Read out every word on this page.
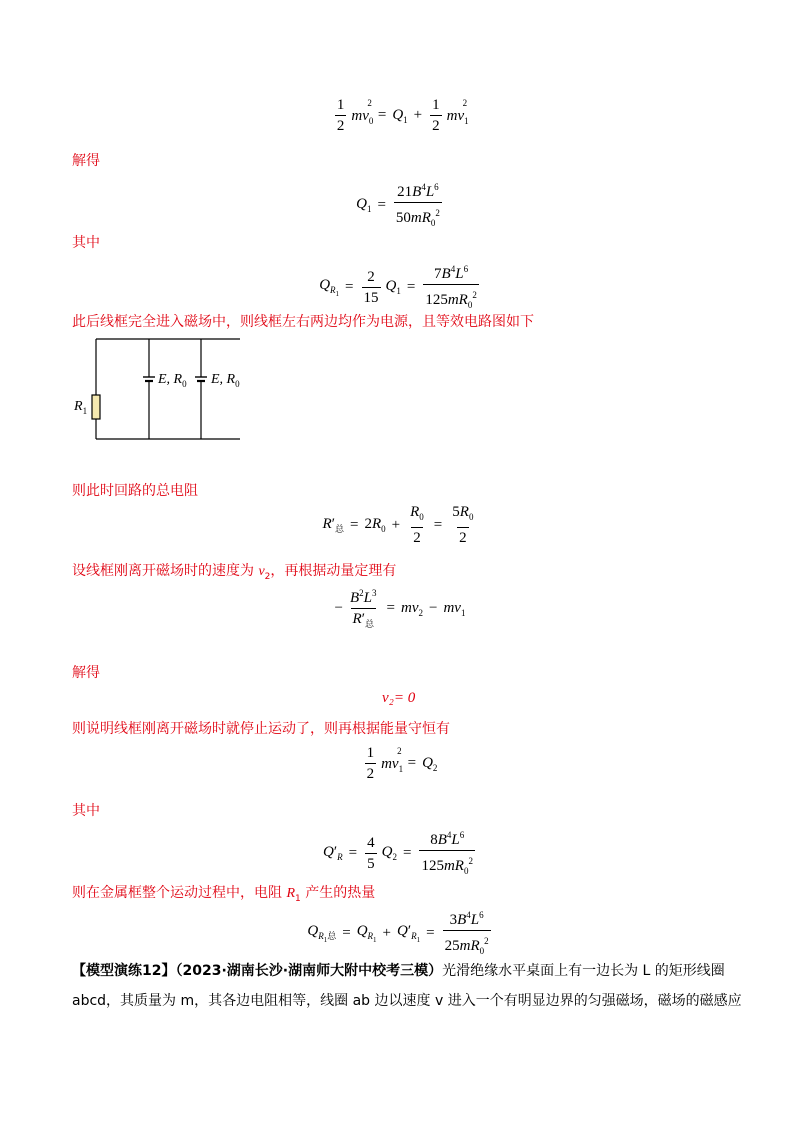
$\frac{1}{2} mv_0^2$
= $Q_1 + \frac{1}{2} mv_1^2$
解得
$Q_1 = \frac{21B^4L^6}{50mR_0^2}$
其中
$Q_{R_1} = \frac{2}{15} Q_1 = \frac{7B^4L^6}{125mR_0^2}$
此后线框完全进入磁场中，则线框左右两边均作为电源，且等效电路图如下
$R_1$
E, $R_0$ E, $R_0$
则此时回路的总电阻
$R'_总 = 2R_0 + \frac{R_0}{2} = \frac{5R_0}{2}$
设线框刚离开磁场时的速度为 $v_2$，再根据动量定理有
− $\frac{B^2L^3}{R'_总} = mv_2 - mv_1$
解得
v₂= 0
则说明线框刚离开磁场时就停止运动了，则再根据能量守恒有
$\frac{1}{2} mv_1^2$
= $Q_2$
其中
$Q'_R = \frac{4}{5} Q_2 = \frac{8B^4L^6}{125mR_0^2}$
则在金属框整个运动过程中，电阻 $R_1$ 产生的热量
$Q_{R_1总} = Q_{R_1} + Q'_{R_1} = \frac{3B^4L^6}{25mR_0^2}$
【模型演练12】（2023·湖南长沙·湖南师大附中校考三模）光滑绝缘水平桌面上有一边长为 L 的矩形线圈
abcd，其质量为 m，其各边电阻相等，线圈 ab 边以速度 v 进入一个有明显边界的匀强磁场，磁场的磁感应
